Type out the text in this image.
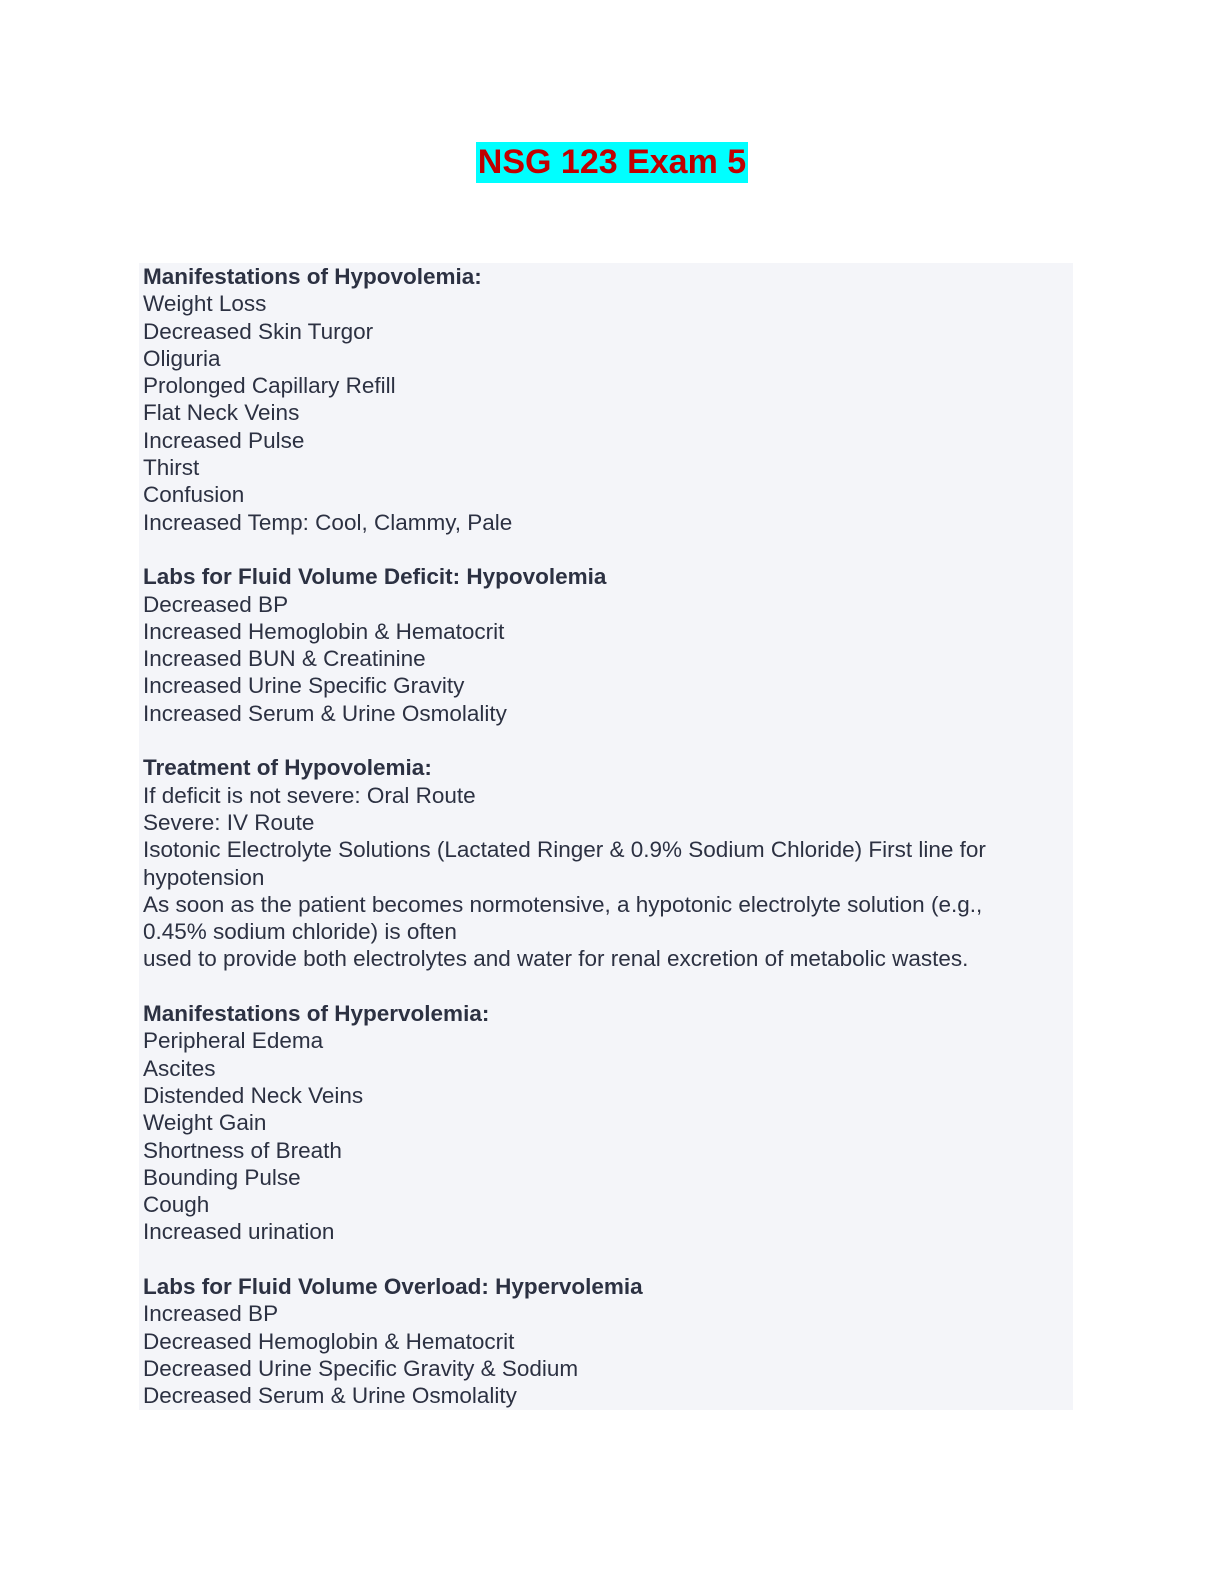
NSG 123 Exam 5
Manifestations of Hypovolemia:
Weight Loss
Decreased Skin Turgor
Oliguria
Prolonged Capillary Refill
Flat Neck Veins
Increased Pulse
Thirst
Confusion
Increased Temp: Cool, Clammy, Pale
Labs for Fluid Volume Deficit: Hypovolemia
Decreased BP
Increased Hemoglobin & Hematocrit
Increased BUN & Creatinine
Increased Urine Specific Gravity
Increased Serum & Urine Osmolality
Treatment of Hypovolemia:
If deficit is not severe: Oral Route
Severe: IV Route
Isotonic Electrolyte Solutions (Lactated Ringer & 0.9% Sodium Chloride) First line for
hypotension
As soon as the patient becomes normotensive, a hypotonic electrolyte solution (e.g.,
0.45% sodium chloride) is often
used to provide both electrolytes and water for renal excretion of metabolic wastes.
Manifestations of Hypervolemia:
Peripheral Edema
Ascites
Distended Neck Veins
Weight Gain
Shortness of Breath
Bounding Pulse
Cough
Increased urination
Labs for Fluid Volume Overload: Hypervolemia
Increased BP
Decreased Hemoglobin & Hematocrit
Decreased Urine Specific Gravity & Sodium
Decreased Serum & Urine Osmolality
